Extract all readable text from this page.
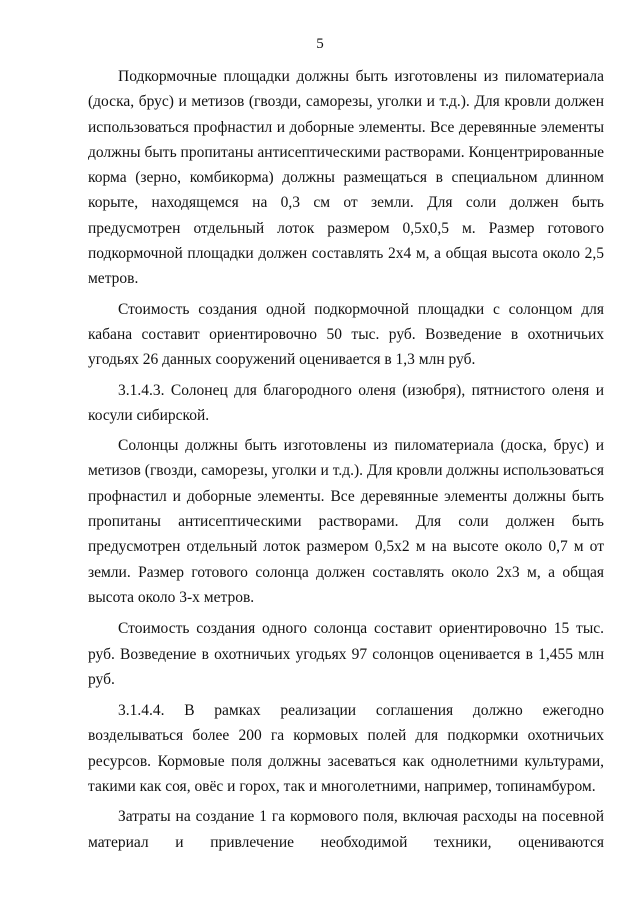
5

Подкормочные площадки должны быть изготовлены из пиломатериала (доска, брус) и метизов (гвозди, саморезы, уголки и т.д.). Для кровли должен использоваться профнастил и доборные элементы. Все деревянные элементы должны быть пропитаны антисептическими растворами. Концентрированные корма (зерно, комбикорма) должны размещаться в специальном длинном корыте, находящемся на 0,3 см от земли. Для соли должен быть предусмотрен отдельный лоток размером 0,5х0,5 м. Размер готового подкормочной площадки должен составлять 2х4 м, а общая высота около 2,5 метров.

Стоимость создания одной подкормочной площадки с солонцом для кабана составит ориентировочно 50 тыс. руб. Возведение в охотничьих угодьях 26 данных сооружений оценивается в 1,3 млн руб.

3.1.4.3. Солонец для благородного оленя (изюбря), пятнистого оленя и косули сибирской.

Солонцы должны быть изготовлены из пиломатериала (доска, брус) и метизов (гвозди, саморезы, уголки и т.д.). Для кровли должны использоваться профнастил и доборные элементы. Все деревянные элементы должны быть пропитаны антисептическими растворами. Для соли должен быть предусмотрен отдельный лоток размером 0,5х2 м на высоте около 0,7 м от земли. Размер готового солонца должен составлять около 2х3 м, а общая высота около 3-х метров.

Стоимость создания одного солонца составит ориентировочно 15 тыс. руб. Возведение в охотничьих угодьях 97 солонцов оценивается в 1,455 млн руб.

3.1.4.4. В рамках реализации соглашения должно ежегодно возделываться более 200 га кормовых полей для подкормки охотничьих ресурсов. Кормовые поля должны засеваться как однолетними культурами, такими как соя, овёс и горох, так и многолетними, например, топинамбуром.

Затраты на создание 1 га кормового поля, включая расходы на посевной материал и привлечение необходимой техники, оцениваются
